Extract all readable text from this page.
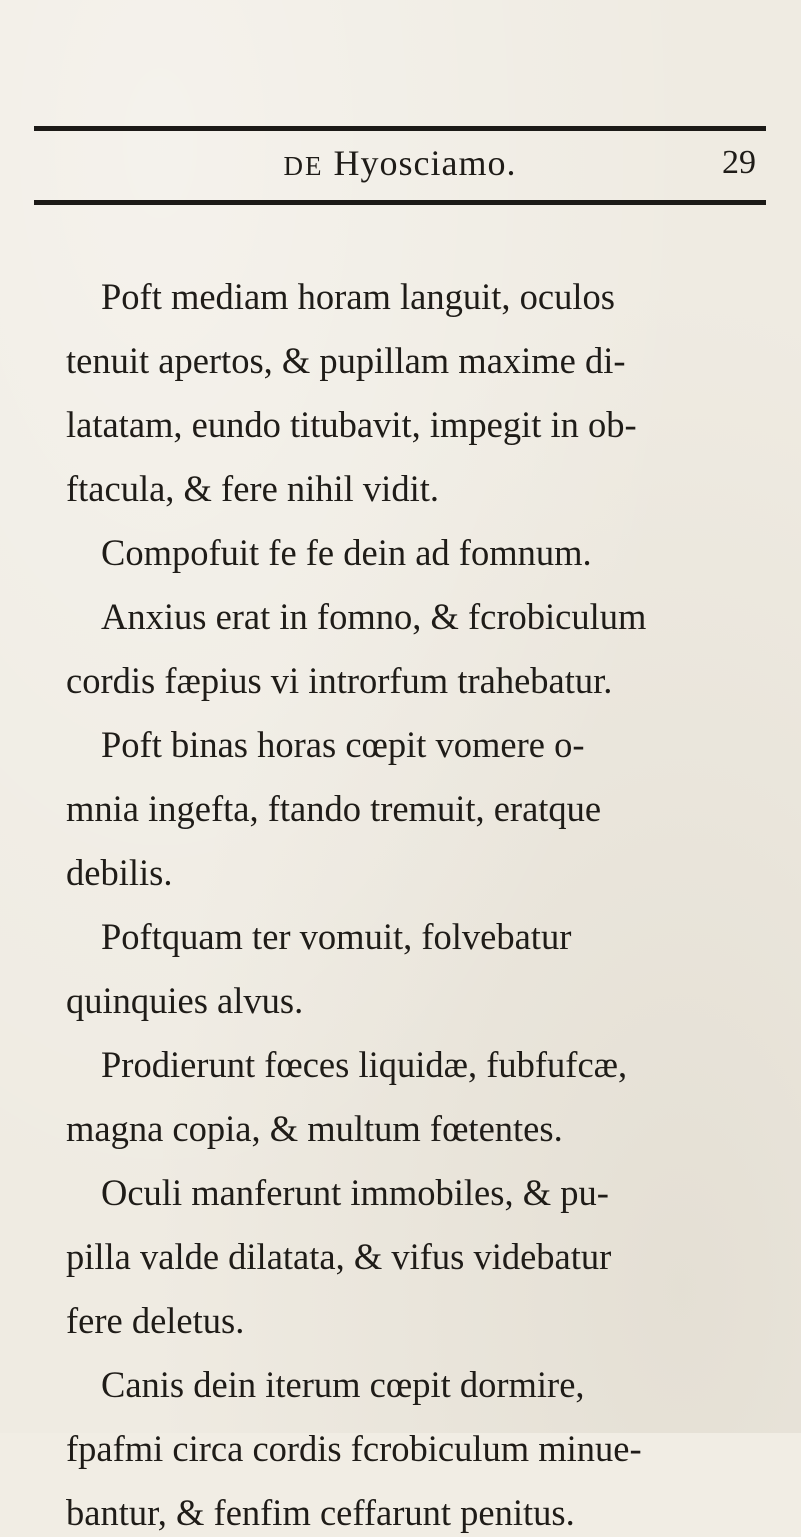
DE Hyosciamo.	29
Poft mediam horam languit, oculos
tenuit apertos, & pupillam maxime di-
latatam, eundo titubavit, impegit in ob-
ftacula, & fere nihil vidit.
Compofuit fe fe dein ad fomnum.
Anxius erat in fomno, & fcrobiculum
cordis fæpius vi introrfum trahebatur.
Poft binas horas cœpit vomere o-
mnia ingefta, ftando tremuit, eratque
debilis.
Poftquam ter vomuit, folvebatur
quinquies alvus.
Prodierunt fœces liquidæ, fubfufcæ,
magna copia, & multum fœtentes.
Oculi manferunt immobiles, & pu-
pilla valde dilatata, & vifus videbatur
fere deletus.
Canis dein iterum cœpit dormire,
fpafmi circa cordis fcrobiculum minue-
bantur, & fenfim ceffarunt penitus.
